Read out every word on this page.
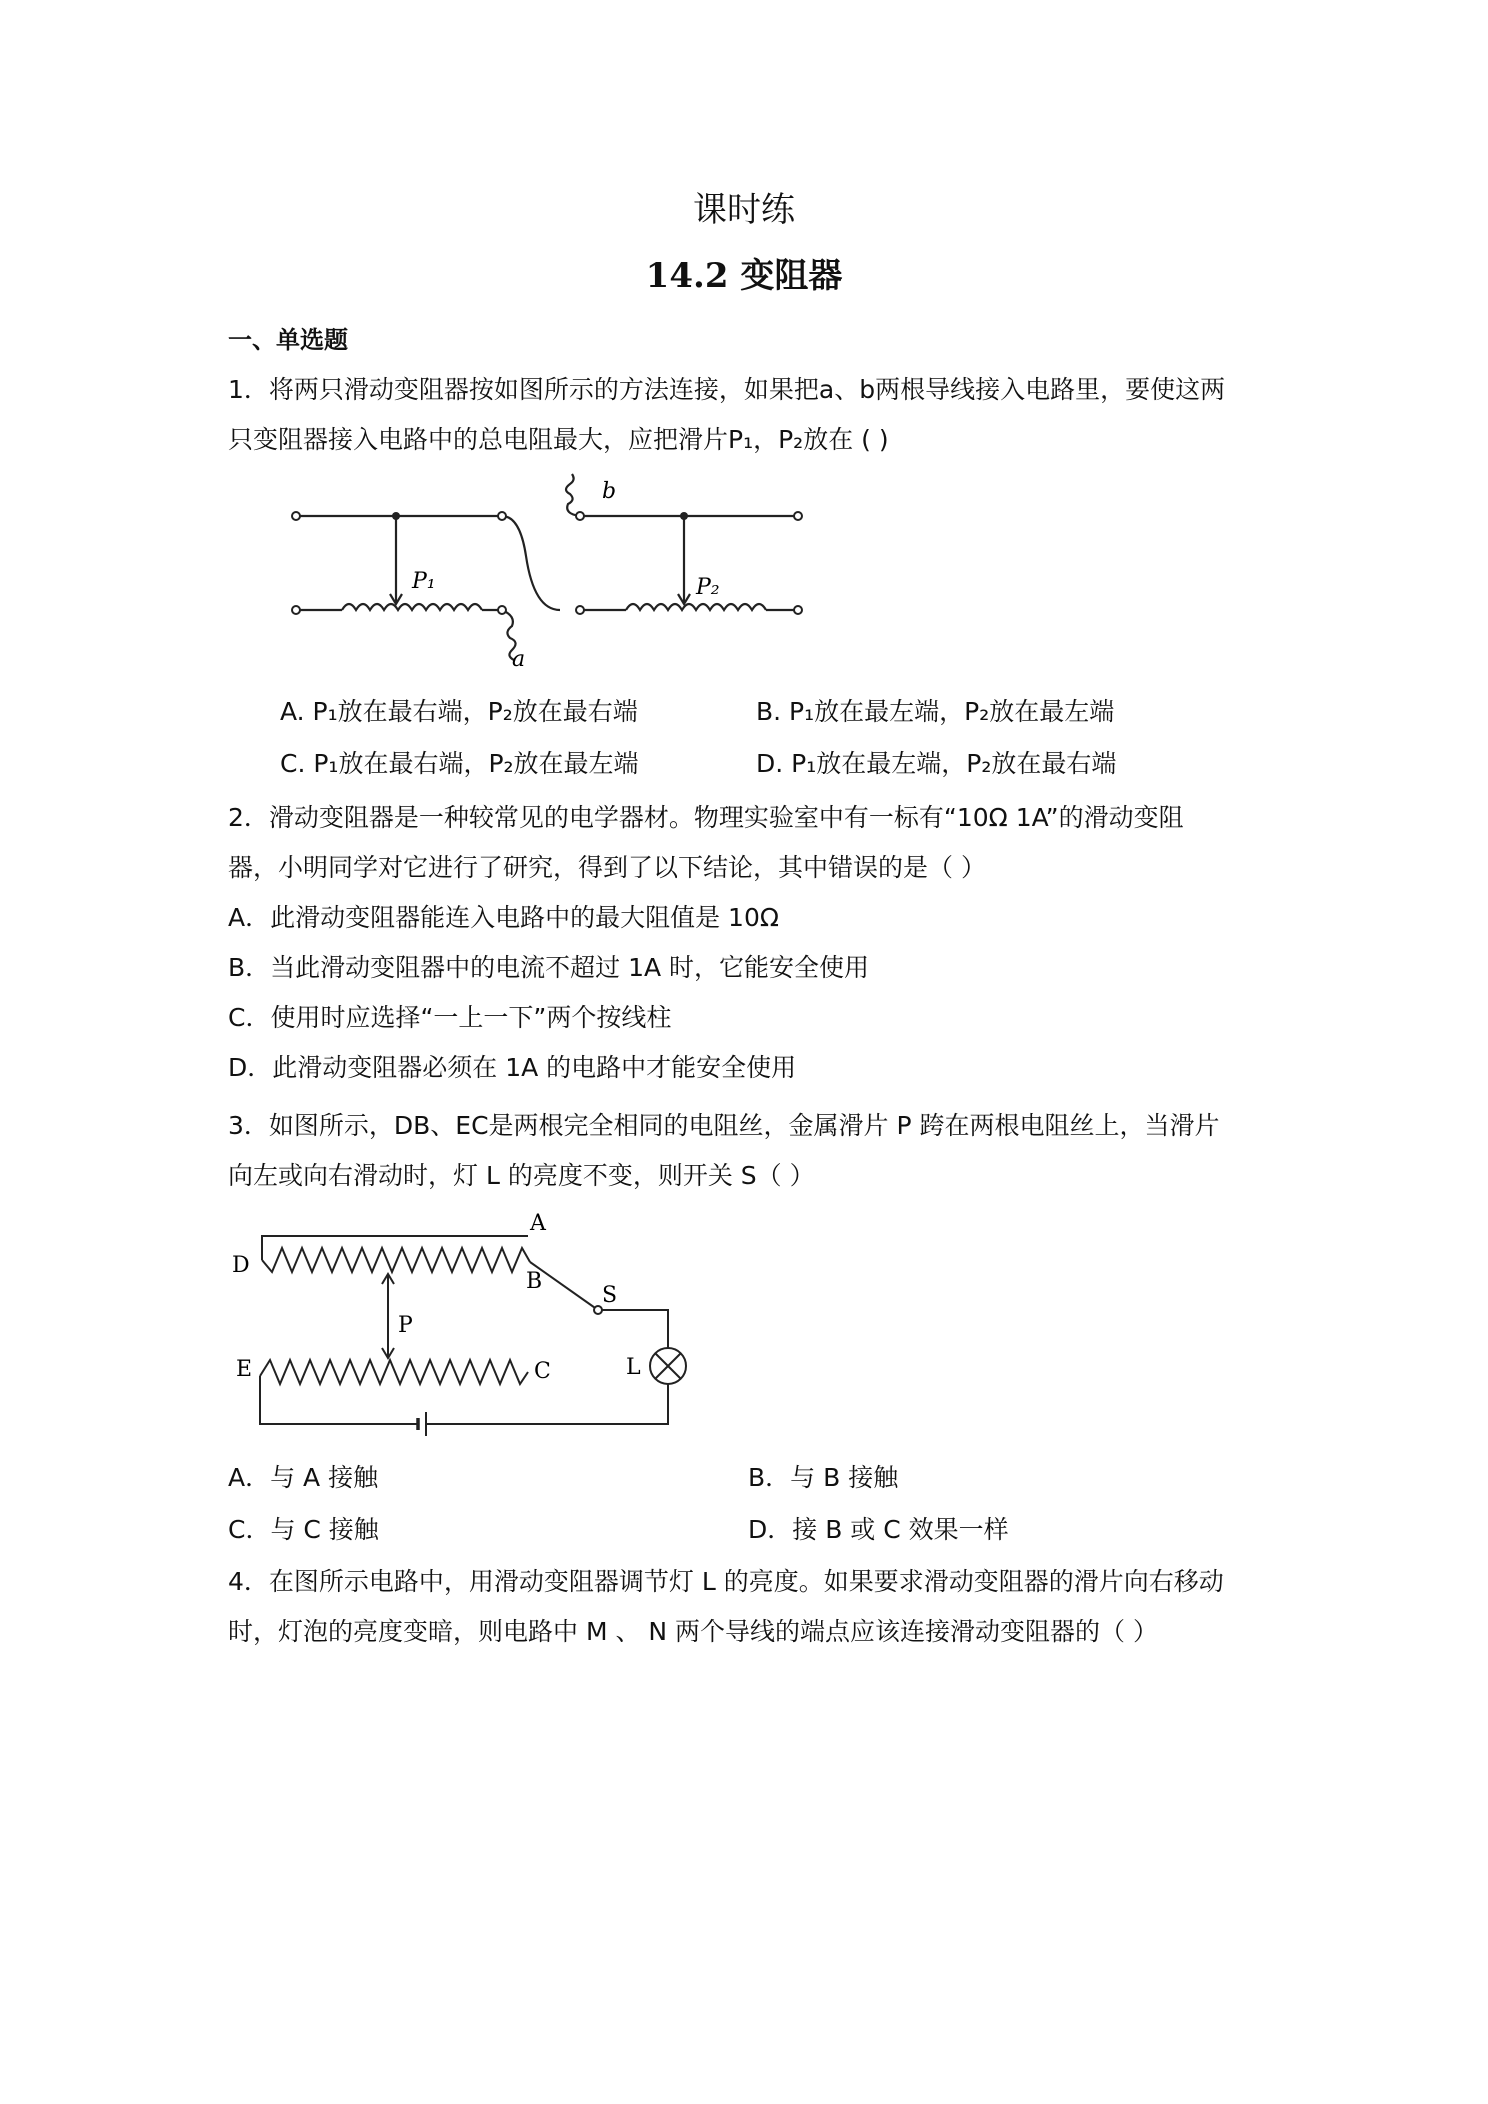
课时练
14.2 变阻器
一、单选题
1．将两只滑动变阻器按如图所示的方法连接，如果把a、b两根导线接入电路里，要使这两
只变阻器接入电路中的总电阻最大，应把滑片P₁，P₂放在 ( )
a
b
P₁	P₂
A. P₁放在最右端，P₂放在最右端	B. P₁放在最左端，P₂放在最左端
C. P₁放在最右端，P₂放在最左端	D. P₁放在最左端，P₂放在最右端
2．滑动变阻器是一种较常见的电学器材。物理实验室中有一标有“10Ω 1A”的滑动变阻
器，小明同学对它进行了研究，得到了以下结论，其中错误的是（ ）
A．此滑动变阻器能连入电路中的最大阻值是 10Ω
B．当此滑动变阻器中的电流不超过 1A 时，它能安全使用
C．使用时应选择“一上一下”两个按线柱
D．此滑动变阻器必须在 1A 的电路中才能安全使用
3．如图所示，DB、EC是两根完全相同的电阻丝，金属滑片 P 跨在两根电阻丝上，当滑片
向左或向右滑动时，灯 L 的亮度不变，则开关 S（ ）
A
B
C
D
E
P
S
L
A．与 A 接触	B．与 B 接触
C．与 C 接触	D．接 B 或 C 效果一样
4．在图所示电路中，用滑动变阻器调节灯 L 的亮度。如果要求滑动变阻器的滑片向右移动
时，灯泡的亮度变暗，则电路中 M 、 N 两个导线的端点应该连接滑动变阻器的（ ）
